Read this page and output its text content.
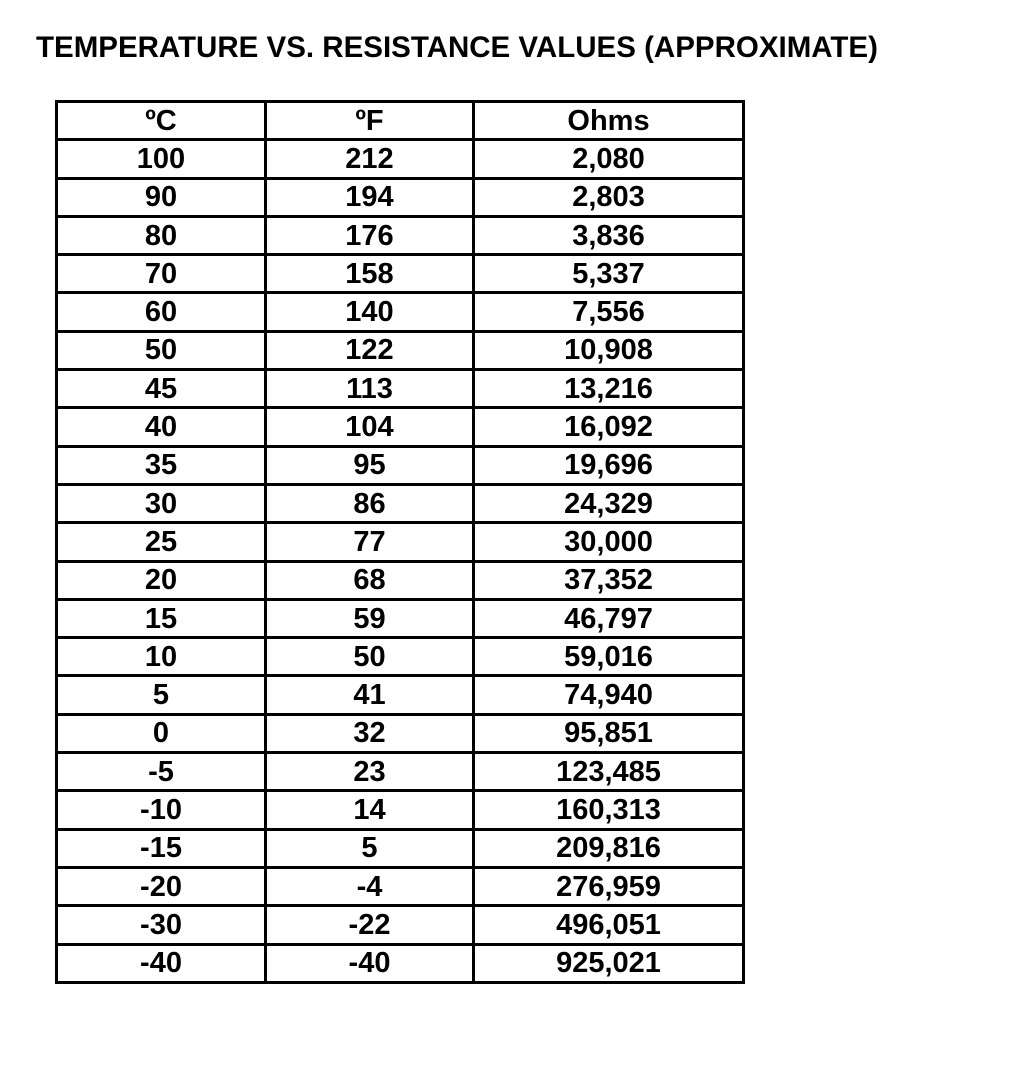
TEMPERATURE VS. RESISTANCE VALUES (APPROXIMATE)
ºC	ºF	Ohms
100	212	2,080
90	194	2,803
80	176	3,836
70	158	5,337
60	140	7,556
50	122	10,908
45	113	13,216
40	104	16,092
35	95	19,696
30	86	24,329
25	77	30,000
20	68	37,352
15	59	46,797
10	50	59,016
5	41	74,940
0	32	95,851
-5	23	123,485
-10	14	160,313
-15	5	209,816
-20	-4	276,959
-30	-22	496,051
-40	-40	925,021
